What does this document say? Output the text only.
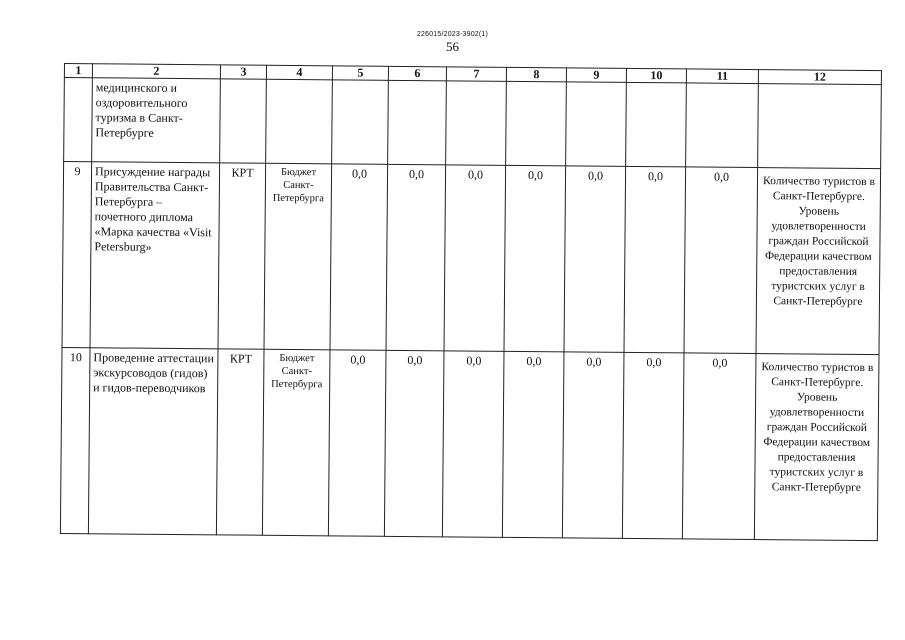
226015/2023-3902(1)
56
1	2	3	4	5	6	7	8	9	10	11	12
	медицинского и оздоровительного туризма в Санкт-Петербурге										
9	Присуждение награды Правительства Санкт-Петербурга – почетного диплома «Марка качества «Visit Petersburg»	КРТ	Бюджет Санкт-Петербурга	0,0	0,0	0,0	0,0	0,0	0,0	0,0	Количество туристов в Санкт-Петербурге. Уровень удовлетворенности граждан Российской Федерации качеством предоставления туристских услуг в Санкт-Петербурге
10	Проведение аттестации экскурсоводов (гидов) и гидов-переводчиков	КРТ	Бюджет Санкт-Петербурга	0,0	0,0	0,0	0,0	0,0	0,0	0,0	Количество туристов в Санкт-Петербурге. Уровень удовлетворенности граждан Российской Федерации качеством предоставления туристских услуг в Санкт-Петербурге
